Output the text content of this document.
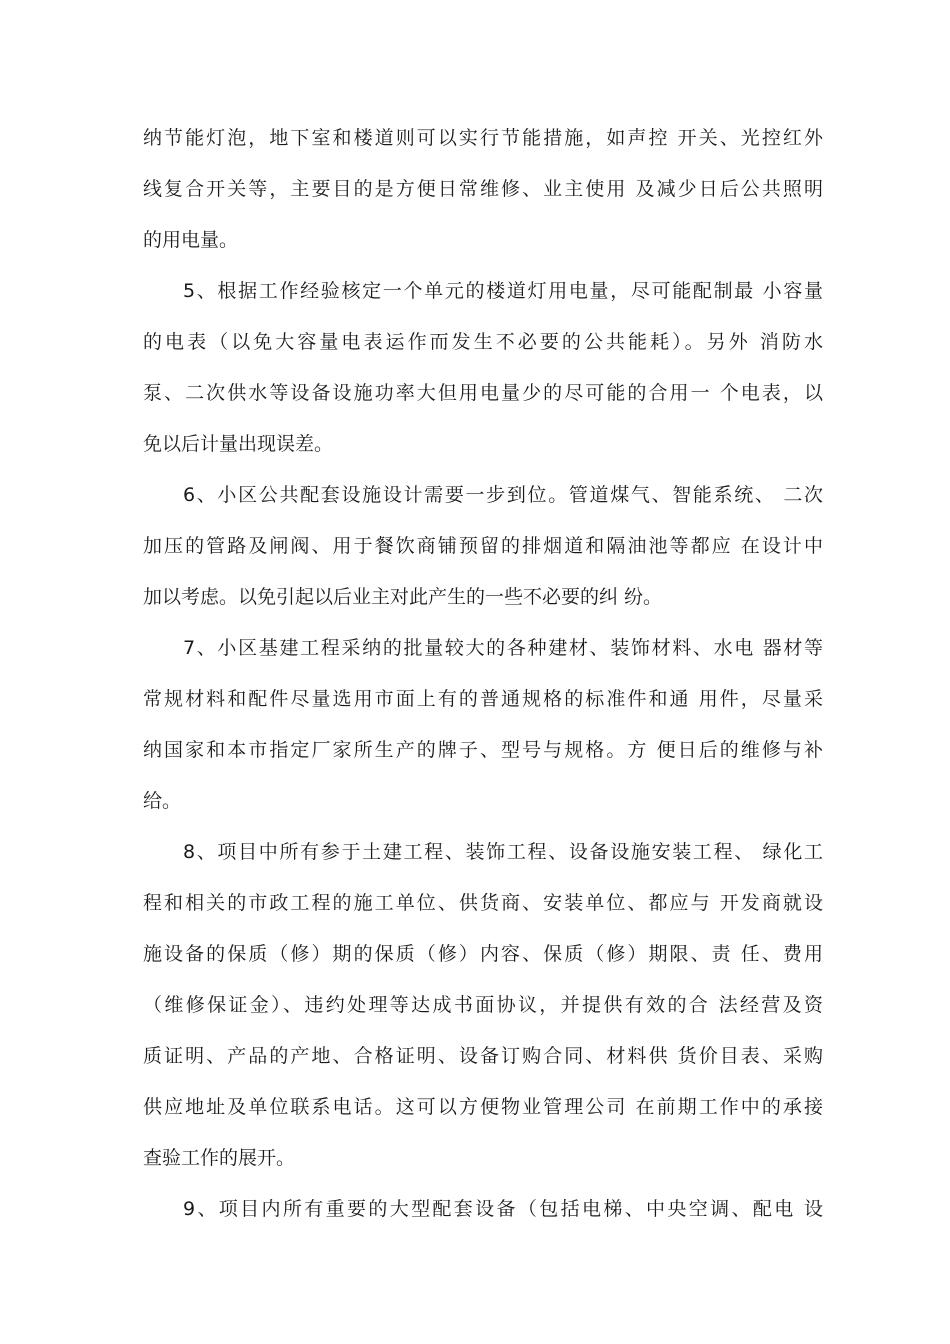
纳节能灯泡，地下室和楼道则可以实行节能措施，如声控 开关、光控红外
线复合开关等，主要目的是方便日常维修、业主使用 及减少日后公共照明
的用电量。
5、根据工作经验核定一个单元的楼道灯用电量，尽可能配制最 小容量
的电表（以免大容量电表运作而发生不必要的公共能耗）。另外 消防水
泵、二次供水等设备设施功率大但用电量少的尽可能的合用一 个电表，以
免以后计量出现误差。
6、小区公共配套设施设计需要一步到位。管道煤气、智能系统、 二次
加压的管路及闸阀、用于餐饮商铺预留的排烟道和隔油池等都应 在设计中
加以考虑。以免引起以后业主对此产生的一些不必要的纠 纷。
7、小区基建工程采纳的批量较大的各种建材、装饰材料、水电 器材等
常规材料和配件尽量选用市面上有的普通规格的标准件和通 用件，尽量采
纳国家和本市指定厂家所生产的牌子、型号与规格。方 便日后的维修与补
给。
8、项目中所有参于土建工程、装饰工程、设备设施安装工程、 绿化工
程和相关的市政工程的施工单位、供货商、安装单位、都应与 开发商就设
施设备的保质（修）期的保质（修）内容、保质（修）期限、责 任、费用
（维修保证金）、违约处理等达成书面协议，并提供有效的合 法经营及资
质证明、产品的产地、合格证明、设备订购合同、材料供 货价目表、采购
供应地址及单位联系电话。这可以方便物业管理公司 在前期工作中的承接
查验工作的展开。
9、项目内所有重要的大型配套设备（包括电梯、中央空调、配电 设
